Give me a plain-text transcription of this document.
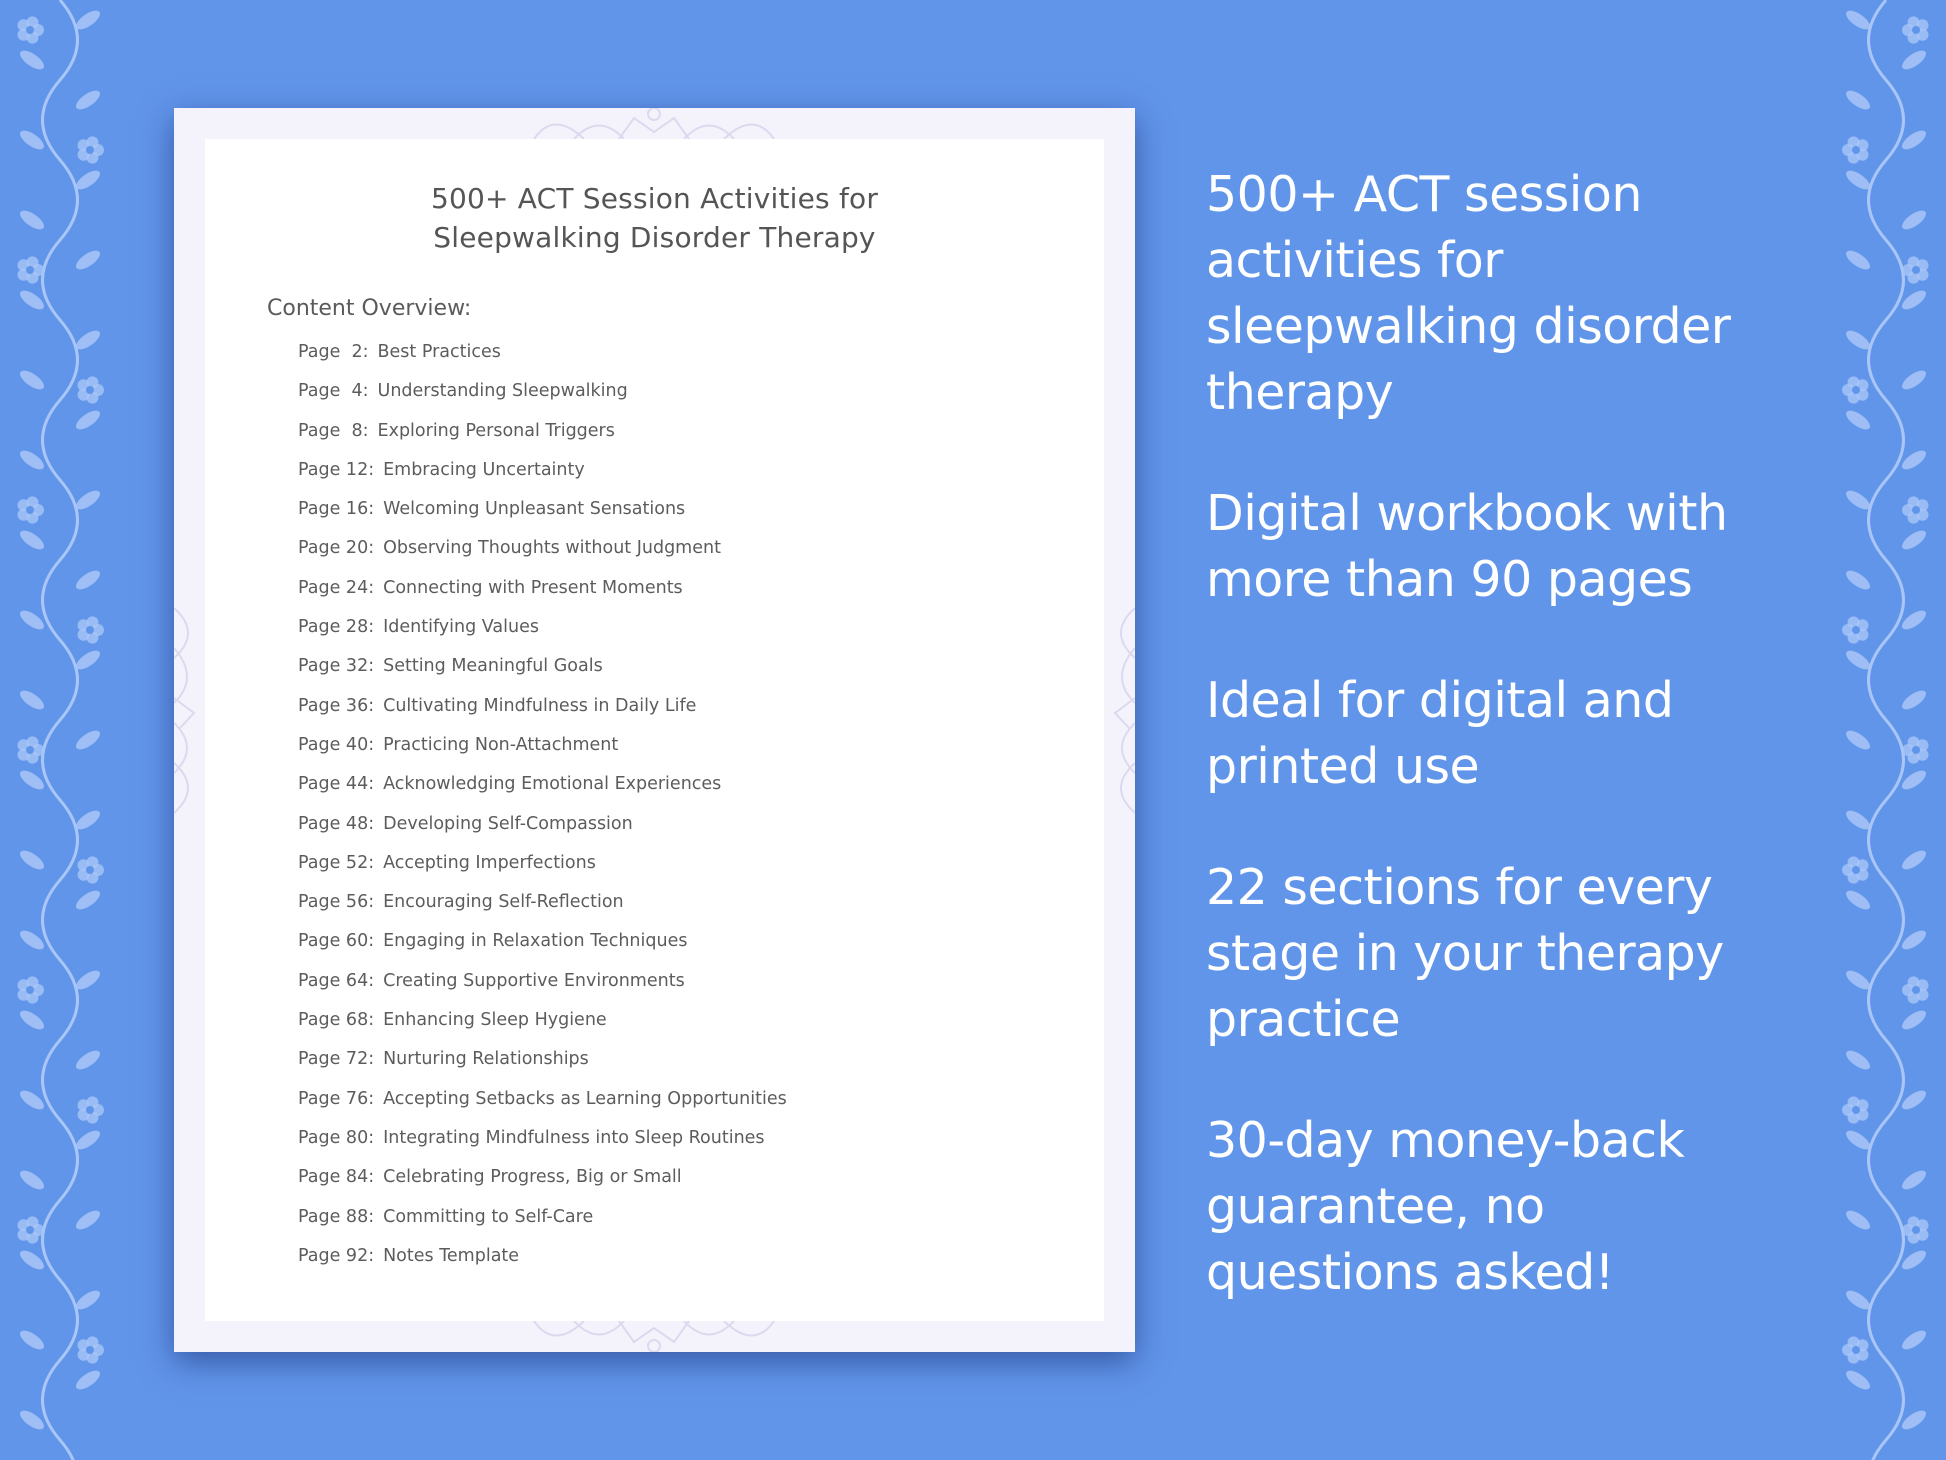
500+ ACT Session Activities for
Sleepwalking Disorder Therapy
Content Overview:
Page  2: Best Practices
Page  4: Understanding Sleepwalking
Page  8: Exploring Personal Triggers
Page 12: Embracing Uncertainty
Page 16: Welcoming Unpleasant Sensations
Page 20: Observing Thoughts without Judgment
Page 24: Connecting with Present Moments
Page 28: Identifying Values
Page 32: Setting Meaningful Goals
Page 36: Cultivating Mindfulness in Daily Life
Page 40: Practicing Non-Attachment
Page 44: Acknowledging Emotional Experiences
Page 48: Developing Self-Compassion
Page 52: Accepting Imperfections
Page 56: Encouraging Self-Reflection
Page 60: Engaging in Relaxation Techniques
Page 64: Creating Supportive Environments
Page 68: Enhancing Sleep Hygiene
Page 72: Nurturing Relationships
Page 76: Accepting Setbacks as Learning Opportunities
Page 80: Integrating Mindfulness into Sleep Routines
Page 84: Celebrating Progress, Big or Small
Page 88: Committing to Self-Care
Page 92: Notes Template
500+ ACT session
activities for
sleepwalking disorder
therapy
Digital workbook with
more than 90 pages
Ideal for digital and
printed use
22 sections for every
stage in your therapy
practice
30-day money-back
guarantee, no
questions asked!
